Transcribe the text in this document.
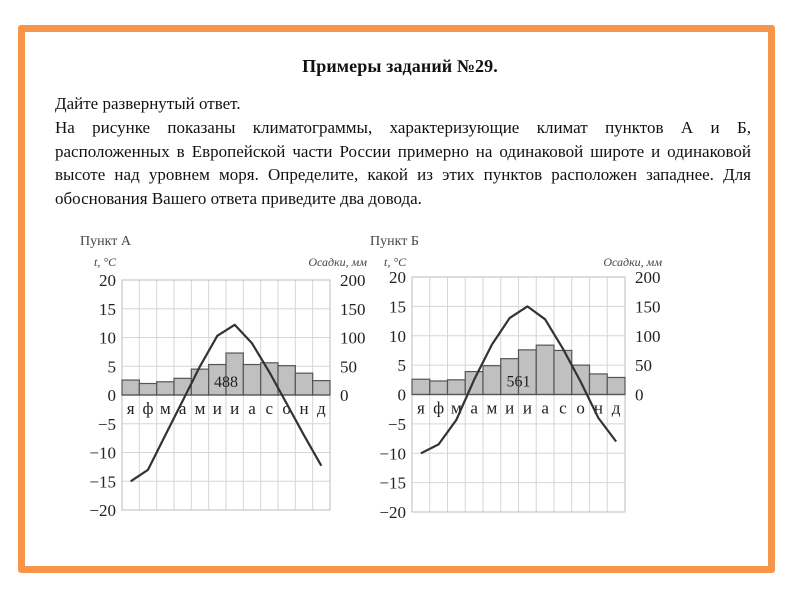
Примеры заданий №29.
Дайте развернутый ответ.
На рисунке показаны климатограммы, характеризующие климат пунктов А и Б, расположенных в Европейской части России примерно на одинаковой широте и одинаковой высоте над уровнем моря. Определите, какой из этих пунктов расположен западнее. Для обоснования Вашего ответа приведите два довода.
Пункт А
t, °C	Осадки, мм
20
15
10
5
0
−5
−10
−15
−20
200
150
100
50
0
488
я ф м а м и и а с о н д
Пункт Б
t, °C	Осадки, мм
20
15
10
5
0
−5
−10
−15
−20
200
150
100
50
0
561
я ф м а м и и а с о н д
